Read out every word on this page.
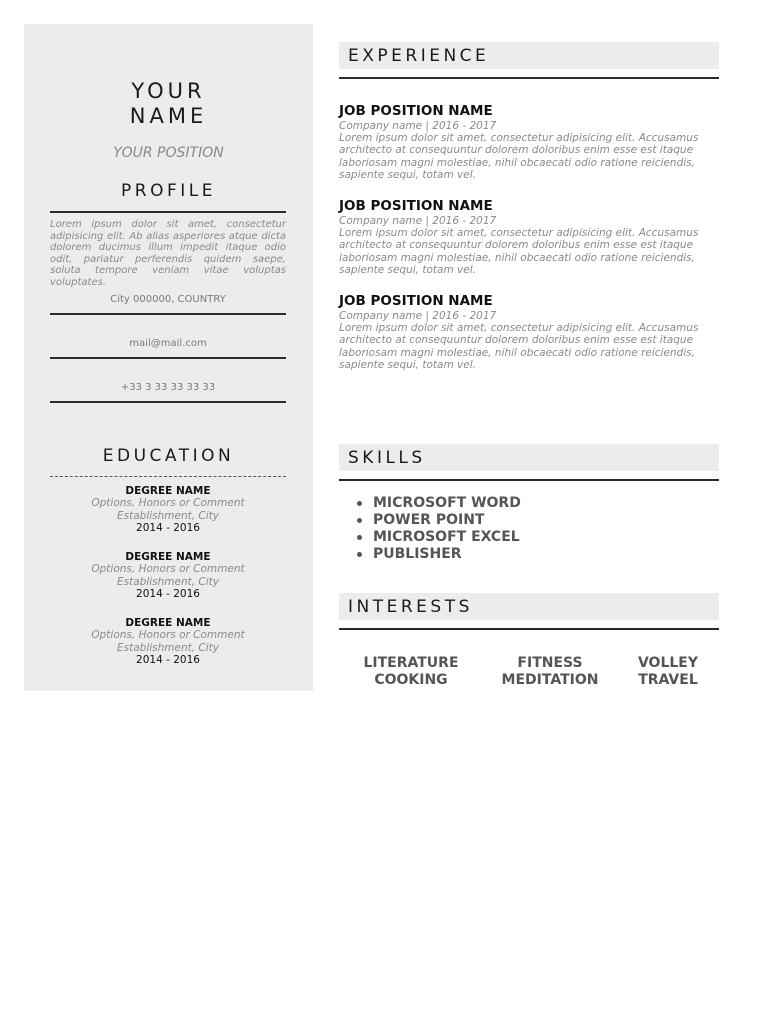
YOUR
NAME
YOUR POSITION
PROFILE
Lorem ipsum dolor sit amet, consectetur adipisicing elit. Ab alias asperiores atque dicta dolorem ducimus illum impedit itaque odio odit, pariatur perferendis quidem saepe, soluta tempore veniam vitae voluptas voluptates.
City 000000, COUNTRY
mail@mail.com
+33 3 33 33 33 33
EDUCATION
DEGREE NAME
Options, Honors or Comment
Establishment, City
2014 - 2016
DEGREE NAME
Options, Honors or Comment
Establishment, City
2014 - 2016
DEGREE NAME
Options, Honors or Comment
Establishment, City
2014 - 2016
EXPERIENCE
JOB POSITION NAME
Company name | 2016 - 2017
Lorem ipsum dolor sit amet, consectetur adipisicing elit. Accusamus architecto at consequuntur dolorem doloribus enim esse est itaque laboriosam magni molestiae, nihil obcaecati odio ratione reiciendis, sapiente sequi, totam vel.
JOB POSITION NAME
Company name | 2016 - 2017
Lorem ipsum dolor sit amet, consectetur adipisicing elit. Accusamus architecto at consequuntur dolorem doloribus enim esse est itaque laboriosam magni molestiae, nihil obcaecati odio ratione reiciendis, sapiente sequi, totam vel.
JOB POSITION NAME
Company name | 2016 - 2017
Lorem ipsum dolor sit amet, consectetur adipisicing elit. Accusamus architecto at consequuntur dolorem doloribus enim esse est itaque laboriosam magni molestiae, nihil obcaecati odio ratione reiciendis, sapiente sequi, totam vel.
SKILLS
MICROSOFT WORD
POWER POINT
MICROSOFT EXCEL
PUBLISHER
INTERESTS
LITERATURE
COOKING
FITNESS
MEDITATION
VOLLEY
TRAVEL
